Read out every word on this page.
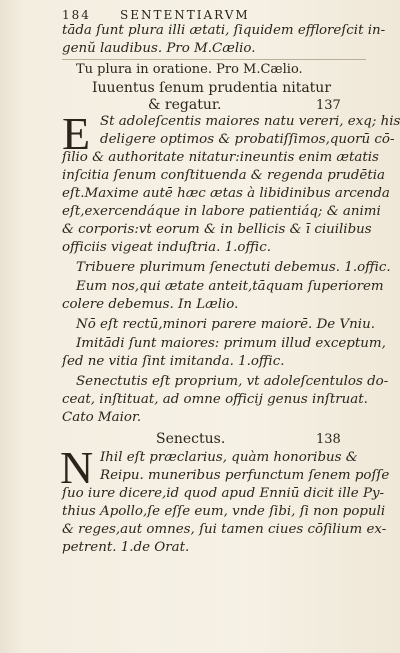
184 SENTENTIARVM
tāda ſunt plura illi ætati, ſiquidem effloreſcit in-
genŭ laudibus. Pro M.Cælio.
Tu plura in oratione. Pro M.Cælio.
Iuuentus ſenum prudentia nitatur
& regatur.	137
E St adoleſcentis maiores natu vereri, exq; his
deligere optimos & probatiſſimos,quorū cō-
ſilio & authoritate nitatur:ineuntis enim ætatis
inſcitia ſenum conſtituenda & regenda prudētia
eſt.Maxime autē hæc ætas à libidinibus arcenda
eſt,exercendáque in labore patientiáq; & animi
& corporis:vt eorum & in bellicis & ī ciuilibus
officiis vigeat induſtria. 1.offic.
Tribuere plurimum ſenectuti debemus. 1.offic.
Eum nos,qui ætate anteit,tāquam ſuperiorem
colere debemus. In Lælio.
Nō eſt rectū,minori parere maiorē. De Vniu.
Imitādi ſunt maiores: primum illud exceptum,
ſed ne vitia ſint imitanda. 1.offic.
Senectutis eſt proprium, vt adoleſcentulos do-
ceat, inſtituat, ad omne officij genus inſtruat.
Cato Maior.
Senectus.	138
N Ihil eſt præclarius, quàm honoribus &
Reipu. muneribus perfunctum ſenem poſſe
ſuo iure dicere,id quod apud Enniū dicit ille Py-
thius Apollo,ſe eſſe eum, vnde ſibi, ſi non populi
& reges,aut omnes, ſui tamen ciues cōſilium ex-
petrent. 1.de Orat.
